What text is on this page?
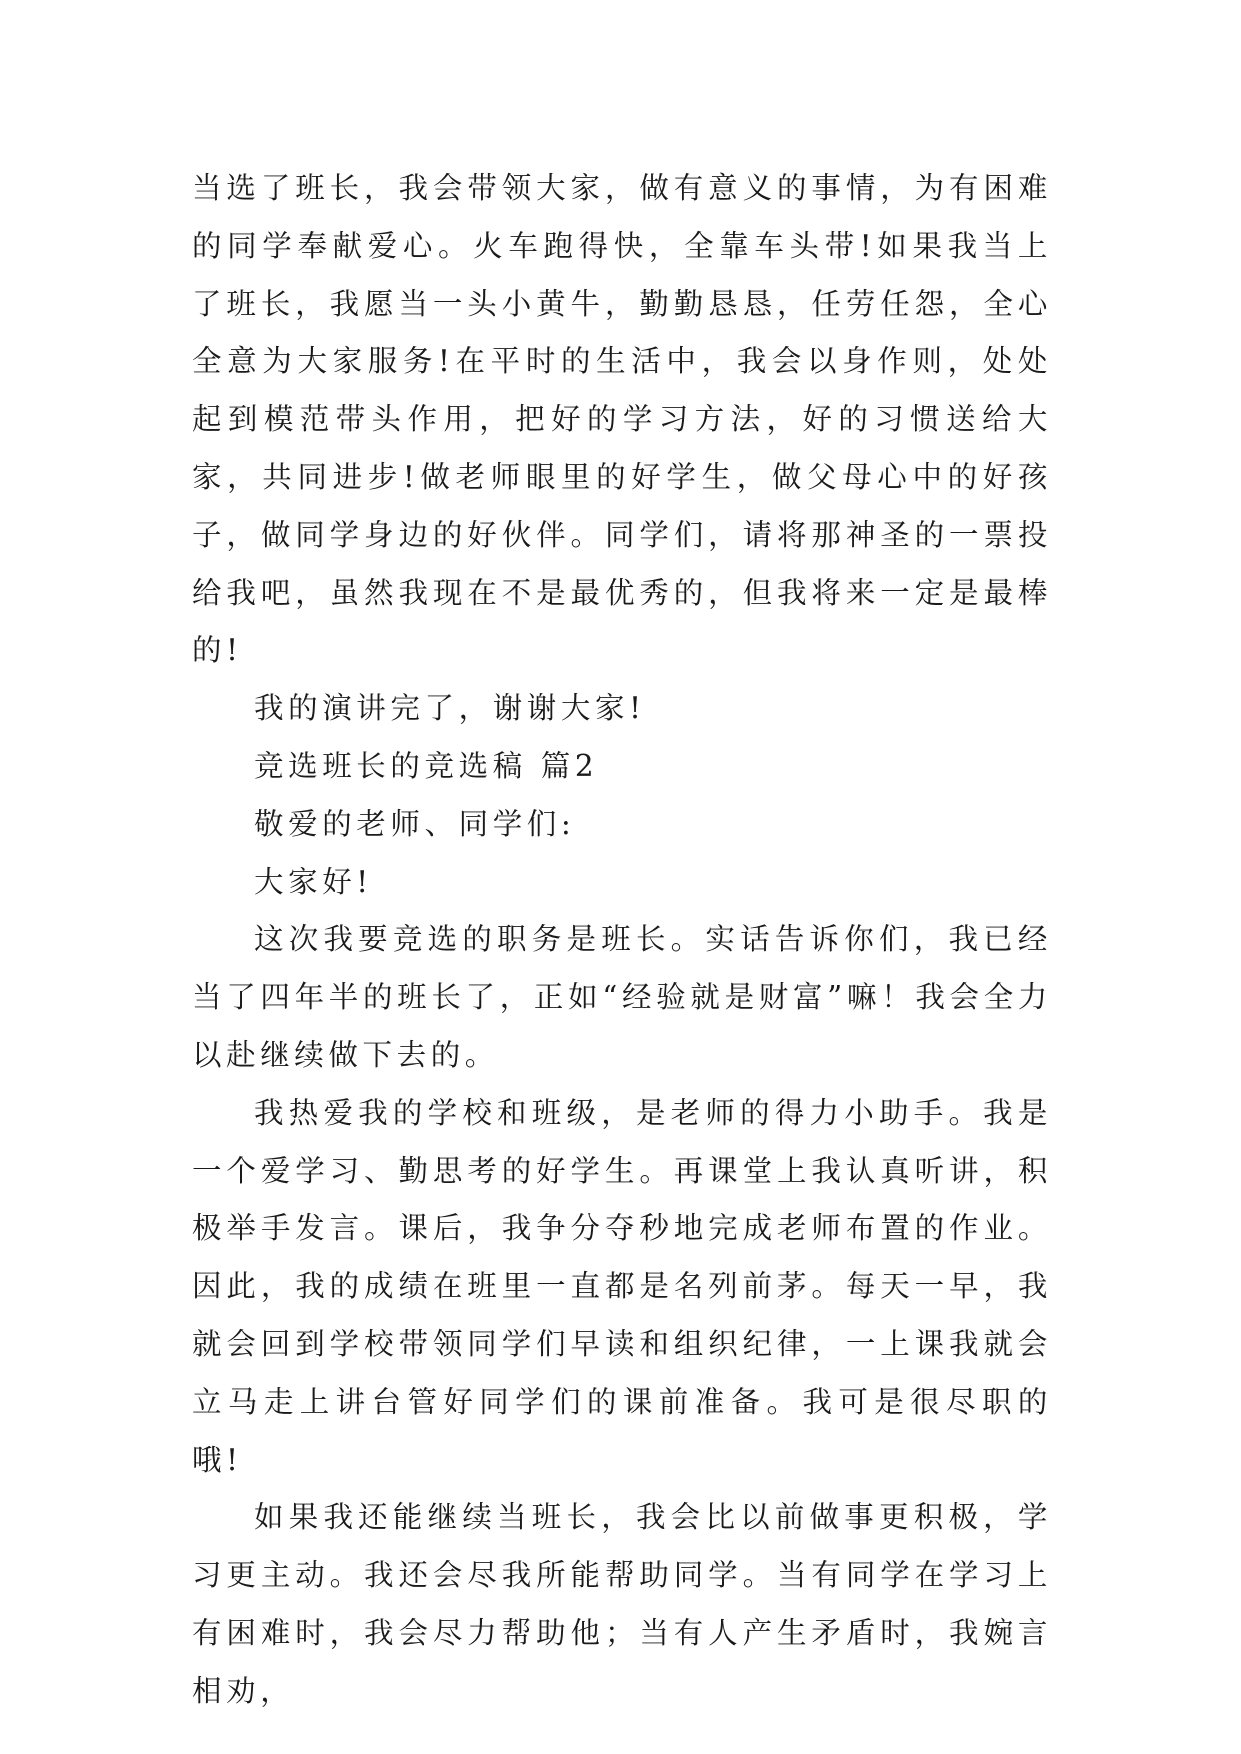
当选了班长，我会带领大家，做有意义的事情，为有困难的同学奉献爱心。火车跑得快，全靠车头带!如果我当上了班长，我愿当一头小黄牛，勤勤恳恳，任劳任怨，全心全意为大家服务!在平时的生活中，我会以身作则，处处起到模范带头作用，把好的学习方法，好的习惯送给大家，共同进步!做老师眼里的好学生，做父母心中的好孩子，做同学身边的好伙伴。同学们，请将那神圣的一票投给我吧，虽然我现在不是最优秀的，但我将来一定是最棒的!

我的演讲完了，谢谢大家!

竞选班长的竞选稿 篇2

敬爱的老师、同学们:

大家好!

这次我要竞选的职务是班长。实话告诉你们，我已经当了四年半的班长了，正如“经验就是财富”嘛！我会全力以赴继续做下去的。

我热爱我的学校和班级，是老师的得力小助手。我是一个爱学习、勤思考的好学生。再课堂上我认真听讲，积极举手发言。课后，我争分夺秒地完成老师布置的作业。因此，我的成绩在班里一直都是名列前茅。每天一早，我就会回到学校带领同学们早读和组织纪律，一上课我就会立马走上讲台管好同学们的课前准备。我可是很尽职的哦!

如果我还能继续当班长，我会比以前做事更积极，学习更主动。我还会尽我所能帮助同学。当有同学在学习上有困难时，我会尽力帮助他；当有人产生矛盾时，我婉言相劝，
